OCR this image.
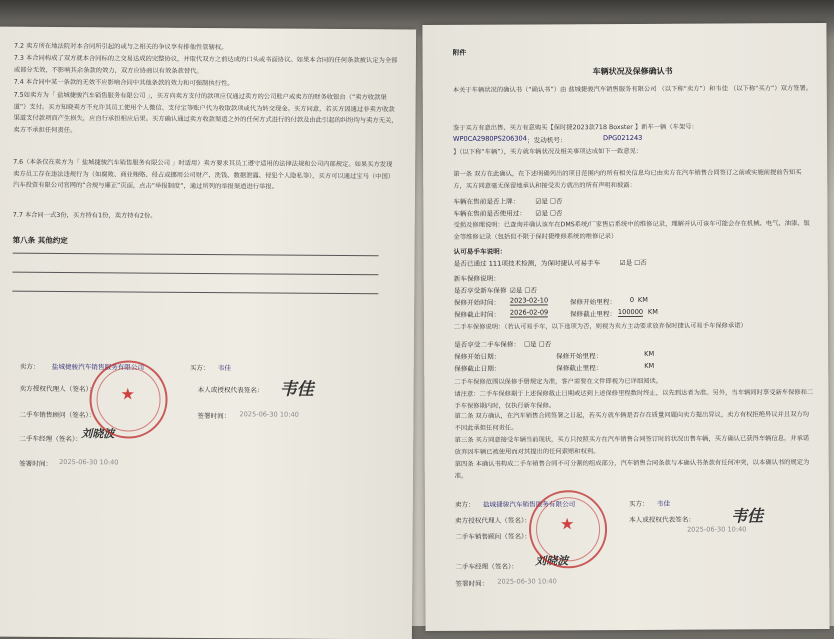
7.2 卖方所在地法院对本合同所引起的或与之相关的争议享有排他性管辖权。
7.3 本合同构成了双方就本合同标的之交易达成的完整协议，并取代双方之前达成的口头或书面协议。如果本合同的任何条款被认定为全部或部分无效，不影响其余条款的效力，双方应协商以有效条款替代。
7.4 本合同中某一条款的无效不应影响合同中其他条款的效力和可强制执行性。
7.5如卖方为「 盐城捷骏汽车销售服务有限公司 」，买方向卖方支付的款项应仅通过卖方的公司账户或卖方的财务收银台（“卖方收款渠道”）支付。买方知晓卖方不允许其员工使用个人微信、支付宝等账户代为收取款项或代为转交现金。买方同意，若买方因通过非卖方收款渠道支付款项而产生损失，应自行承担相应后果。买方确认通过卖方收款渠道之外的任何方式进行的付款及由此引起的纠纷均与卖方无关，卖方不承担任何责任。
7.6（本条仅在卖方为「 盐城捷骏汽车销售服务有限公司 」时适用）卖方要求其员工遵守适用的法律法规和公司内部规定。如果买方发现卖方员工存在违法违规行为（如腐败、商业贿赂、侵占或挪用公司财产、洗钱、数据泄露、侵犯个人隐私等），买方可以通过宝马（中国）汽车投资有限公司官网的“合规与廉正”页面，点击“举报制度”，通过所列的举报渠道进行举报。
7.7 本合同一式3份，买方持有1份，卖方持有2份。
第八条 其他约定
卖方： 盐城捷骏汽车销售服务有限公司	买方： 韦佳
卖方授权代理人（签名）：	本人或授权代表签名： 韦佳
二手车销售顾问（签名）：	签署时间： 2025-06-30 10:40
二手车经理（签名）： 刘晓波
签署时间： 2025-06-30 10:40
★
附件
车辆状况及保修确认书
本关于车辆状况的确认书（“确认书”）由 盐城捷骏汽车销售服务有限公司 （以下称“卖方”）和韦佳 （以下称“买方”）双方签署。
鉴于买方有意出售、买方有意购买【保时捷2023款718 Boxster 】新车一辆（车架号：
WP0CA2980PS206304 ；发动机号：	DPG021243
】（以下称“车辆”），买方就车辆状况及相关事项达成如下一致意见：
第一条 双方在此确认，在下述明确列出的项目范围内的所有相关信息均已由卖方在汽车销售合同签订之前或实施前提前告知买方，买方同意毫无保留地承认和接受卖方就出的所有声明和披露：
车辆在售前是否上牌： ☑是 ☐否
车辆在售前是否使用过： ☑是 ☐否
受损及修理说明：已查询并确认该车在DMS系统/厂家售后系统中的维修记录，理解并认可该车可能会存在机械、电气、油漆、钣金等维修记录（包括但不限于保时捷维修系统的维修记录）
认可易手车说明：
是否已通过 111项技术检测，为保时捷认可易手车	☑是 ☐否
新车保修说明：
是否享受新车保修 ☑是 ☐否
保修开始时间： 2023-02-10	保修开始里程： 0 KM
保修截止时间： 2026-02-09	保修截止里程： 100000 KM
二手车保修说明：（若认可易手车，以下选项为否，则视为卖方主动要求放弃保时捷认可易手车保修承诺）
是否享受二手车保修： ☐是 ☐否
保修开始日期：	保修开始里程：	KM
保修截止日期：	保修截止里程：	KM
二手车保修范围以保修手册规定为准，客户需要在文件即视为已详细阅读。
请注意：二手车保修期于上述保修截止日期或达到上述保修里程数时终止，以先到达者为准。另外，当车辆同时享受新车保修和二手车保修期内时，仅执行新车保修。
第二条 双方确认，在汽车销售合同签署之日起，若买方就车辆是否存在质量问题向卖方提出异议，卖方有权拒绝异议并且双方均不因此承担任何责任。
第三条 买方同意接受车辆当前现状，买方只按照买方在汽车销售合同签订时的状况出售车辆，买方确认已获得车辆信息，并承诺放弃因车辆已被使用而对其提出的任何索赔和权利。
第四条 本确认书构成二手车销售合同不可分割的组成部分，汽车销售合同条款与本确认书条款有任何冲突，以本确认书的规定为准。
卖方： 盐城捷骏汽车销售服务有限公司	买方： 韦佳
卖方授权代理人（签名）：	本人或授权代表签名： 韦佳
二手车销售顾问（签名）：
2025-06-30 10:40
二手车经理（签名）： 刘晓波
签署时间： 2025-06-30 10:40
★
